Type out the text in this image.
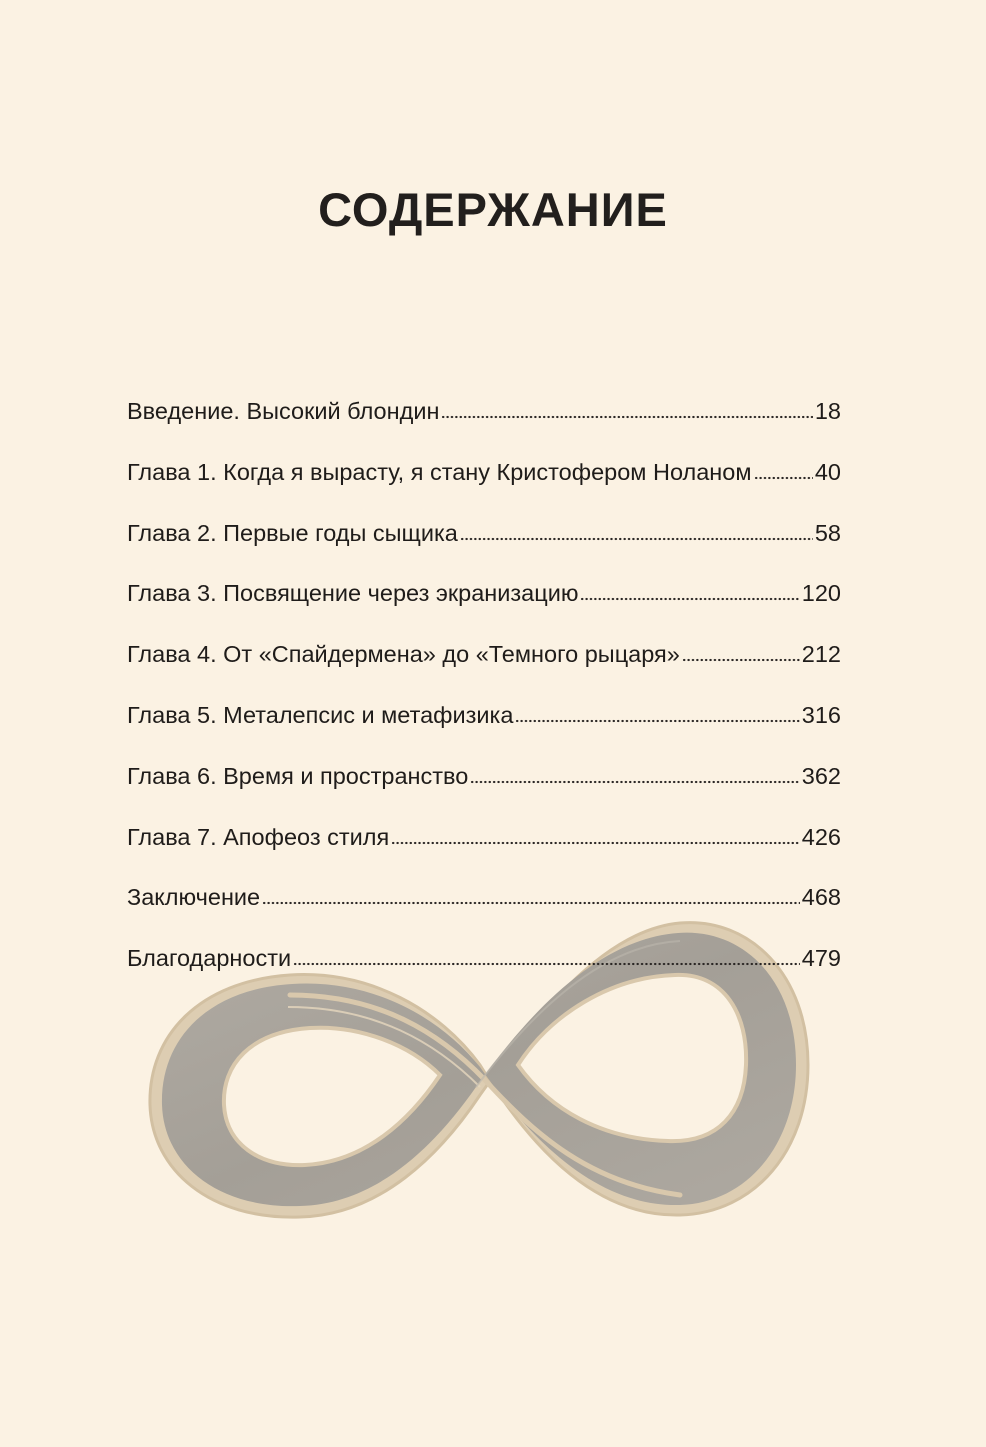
СОДЕРЖАНИЕ
Введение. Высокий блондин	18
Глава 1. Когда я вырасту, я стану Кристофером Ноланом	40
Глава 2. Первые годы сыщика	58
Глава 3. Посвящение через экранизацию	120
Глава 4. От «Спайдермена» до «Темного рыцаря»	212
Глава 5. Металепсис и метафизика	316
Глава 6. Время и пространство	362
Глава 7. Апофеоз стиля	426
Заключение	468
Благодарности	479
